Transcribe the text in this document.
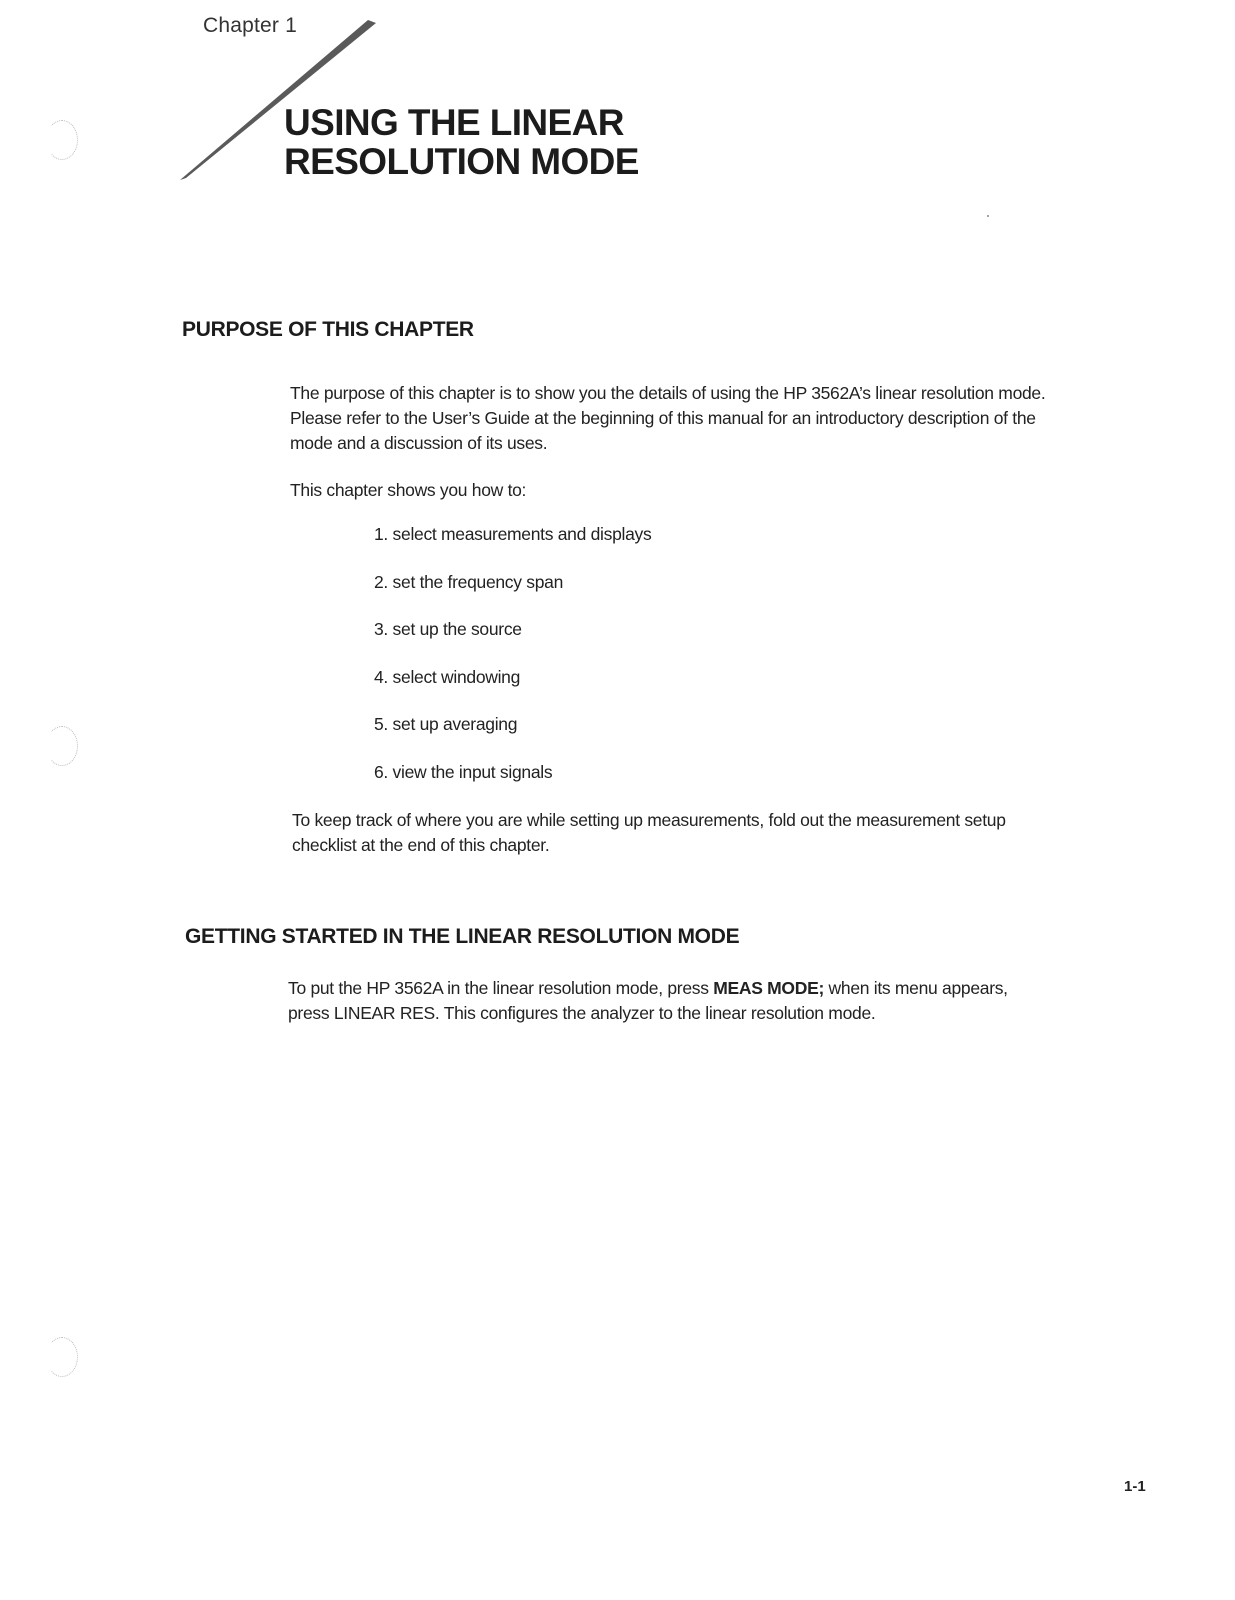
Chapter 1
USING THE LINEAR
RESOLUTION MODE
PURPOSE OF THIS CHAPTER
The purpose of this chapter is to show you the details of using the HP 3562A’s linear resolution mode. Please refer to the User’s Guide at the beginning of this manual for an introductory description of the mode and a discussion of its uses.
This chapter shows you how to:
1. select measurements and displays
2. set the frequency span
3. set up the source
4. select windowing
5. set up averaging
6. view the input signals
To keep track of where you are while setting up measurements, fold out the measurement setup checklist at the end of this chapter.
GETTING STARTED IN THE LINEAR RESOLUTION MODE
To put the HP 3562A in the linear resolution mode, press MEAS MODE; when its menu appears, press LINEAR RES. This configures the analyzer to the linear resolution mode.
1-1
